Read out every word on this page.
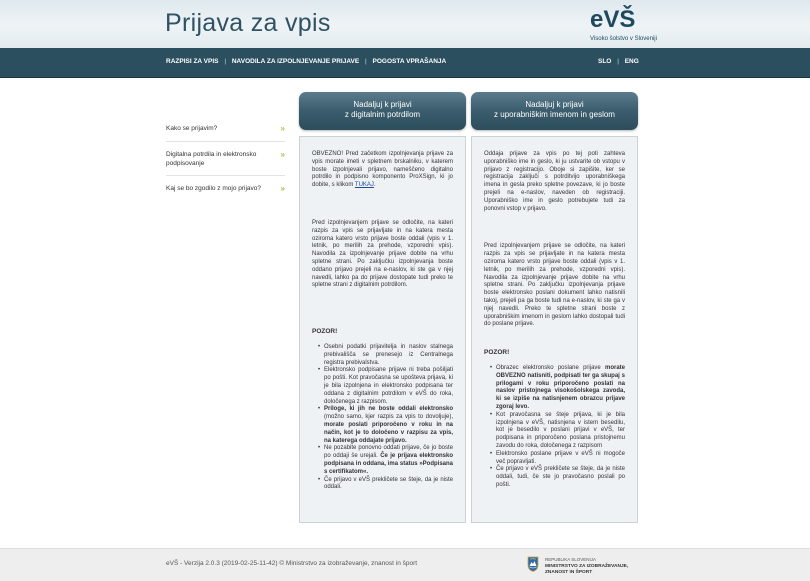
Prijava za vpis	eVŠ
Visoko šolstvo v Sloveniji
RAZPISI ZA VPIS | NAVODILA ZA IZPOLNJEVANJE PRIJAVE | POGOSTA VPRAŠANJA	SLO | ENG
Kako se prijavim?	»
Digitalna potrdila in elektronsko podpisovanje
»
Kaj se bo zgodilo z mojo prijavo?	»
Nadaljuj k prijavi
z digitalnim potrdilom
Nadaljuj k prijavi
z uporabniškim imenom in geslom

OBVEZNO! Pred začetkom izpolnjevanja prijave za vpis morate imeti v spletnem brskalniku, v katerem boste izpolnjevali prijavo, nameščeno digitalno potrdilo in podpisno komponento ProXSign, ki jo dobite, s klikom TUKAJ.

Pred izpolnjevanjem prijave se odločite, na kateri razpis za vpis se prijavljate in na katera mesta oziroma katero vrsto prijave boste oddali (vpis v 1. letnik, po merilih za prehode, vzporedni vpis). Navodila za izpolnjevanje prijave dobite na vrhu spletne strani. Po zaključku izpolnjevanja boste oddano prijavo prejeli na e-naslov, ki ste ga v njej navedli, lahko pa do prijave dostopate tudi preko te spletne strani z digitalnim potrdilom.

POZOR!
• Osebni podatki prijavitelja in naslov stalnega prebivališča se prenesejo iz Centralnega registra prebivalstva.
• Elektronsko podpisane prijave ni treba pošiljati po pošti. Kot pravočasna se upošteva prijava, ki je bila izpolnjena in elektronsko podpisana ter oddana z digitalnim potrdilom v eVŠ do roka, določenega z razpisom.
• Priloge, ki jih ne boste oddali elektronsko (možno samo, kjer razpis za vpis to dovoljuje), morate poslati priporočeno v roku in na način, kot je to določeno v razpisu za vpis, na katerega oddajate prijavo.
• Ne pozabite ponovno oddati prijave, če jo boste po oddaji še urejali. Če je prijava elektronsko podpisana in oddana, ima status »Podpisana s certifikatom«.
• Če prijavo v eVŠ prekličete se šteje, da je niste oddali.

Oddaja prijave za vpis po tej poti zahteva uporabniško ime in geslo, ki ju ustvarite ob vstopu v prijavo z registracijo. Oboje si zapišite, ker se registracija zaključi s potrditvijo uporabniškega imena in gesla preko spletne povezave, ki jo boste prejeli na e-naslov, naveden ob registraciji. Uporabniško ime in geslo potrebujete tudi za ponovni vstop v prijavo.

Pred izpolnjevanjem prijave se odločite, na kateri razpis za vpis se prijavljate in na katera mesta oziroma katero vrsto prijave boste oddali (vpis v 1. letnik, po merilih za prehode, vzporedni vpis). Navodila za izpolnjevanje prijave dobite na vrhu spletne strani. Po zaključku izpolnjevanja prijave boste elektronsko poslani dokument lahko natisnili takoj, prejeli pa ga boste tudi na e-naslov, ki ste ga v njej navedli. Preko te spletne strani boste z uporabniškim imenom in geslom lahko dostopali tudi do poslane prijave.

POZOR!
• Obrazec elektronsko poslane prijave morate OBVEZNO natisniti, podpisati ter ga skupaj s prilogami v roku priporočeno poslati na naslov pristojnega visokošolskega zavoda, ki se izpiše na natisnjenem obrazcu prijave zgoraj levo.
• Kot pravočasna se šteje prijava, ki je bila izpolnjena v eVŠ, natisnjena v istem besedilu, kot je besedilo v poslani prijavi v eVŠ, ter podpisana in priporočeno poslana pristojnemu zavodu do roka, določenega z razpisom
• Elektronsko poslane prijave v eVŠ ni mogoče več popravljati.
• Če prijavo v eVŠ prekličete se šteje, da je niste oddali, tudi, če ste jo pravočasno poslali po pošti.
eVŠ - Verzija 2.0.3 (2019-02-25-11-42) © Ministrstvo za izobraževanje, znanost in šport
REPUBLIKA SLOVENIJA
MINISTRSTVO ZA IZOBRAŽEVANJE,
ZNANOST IN ŠPORT
